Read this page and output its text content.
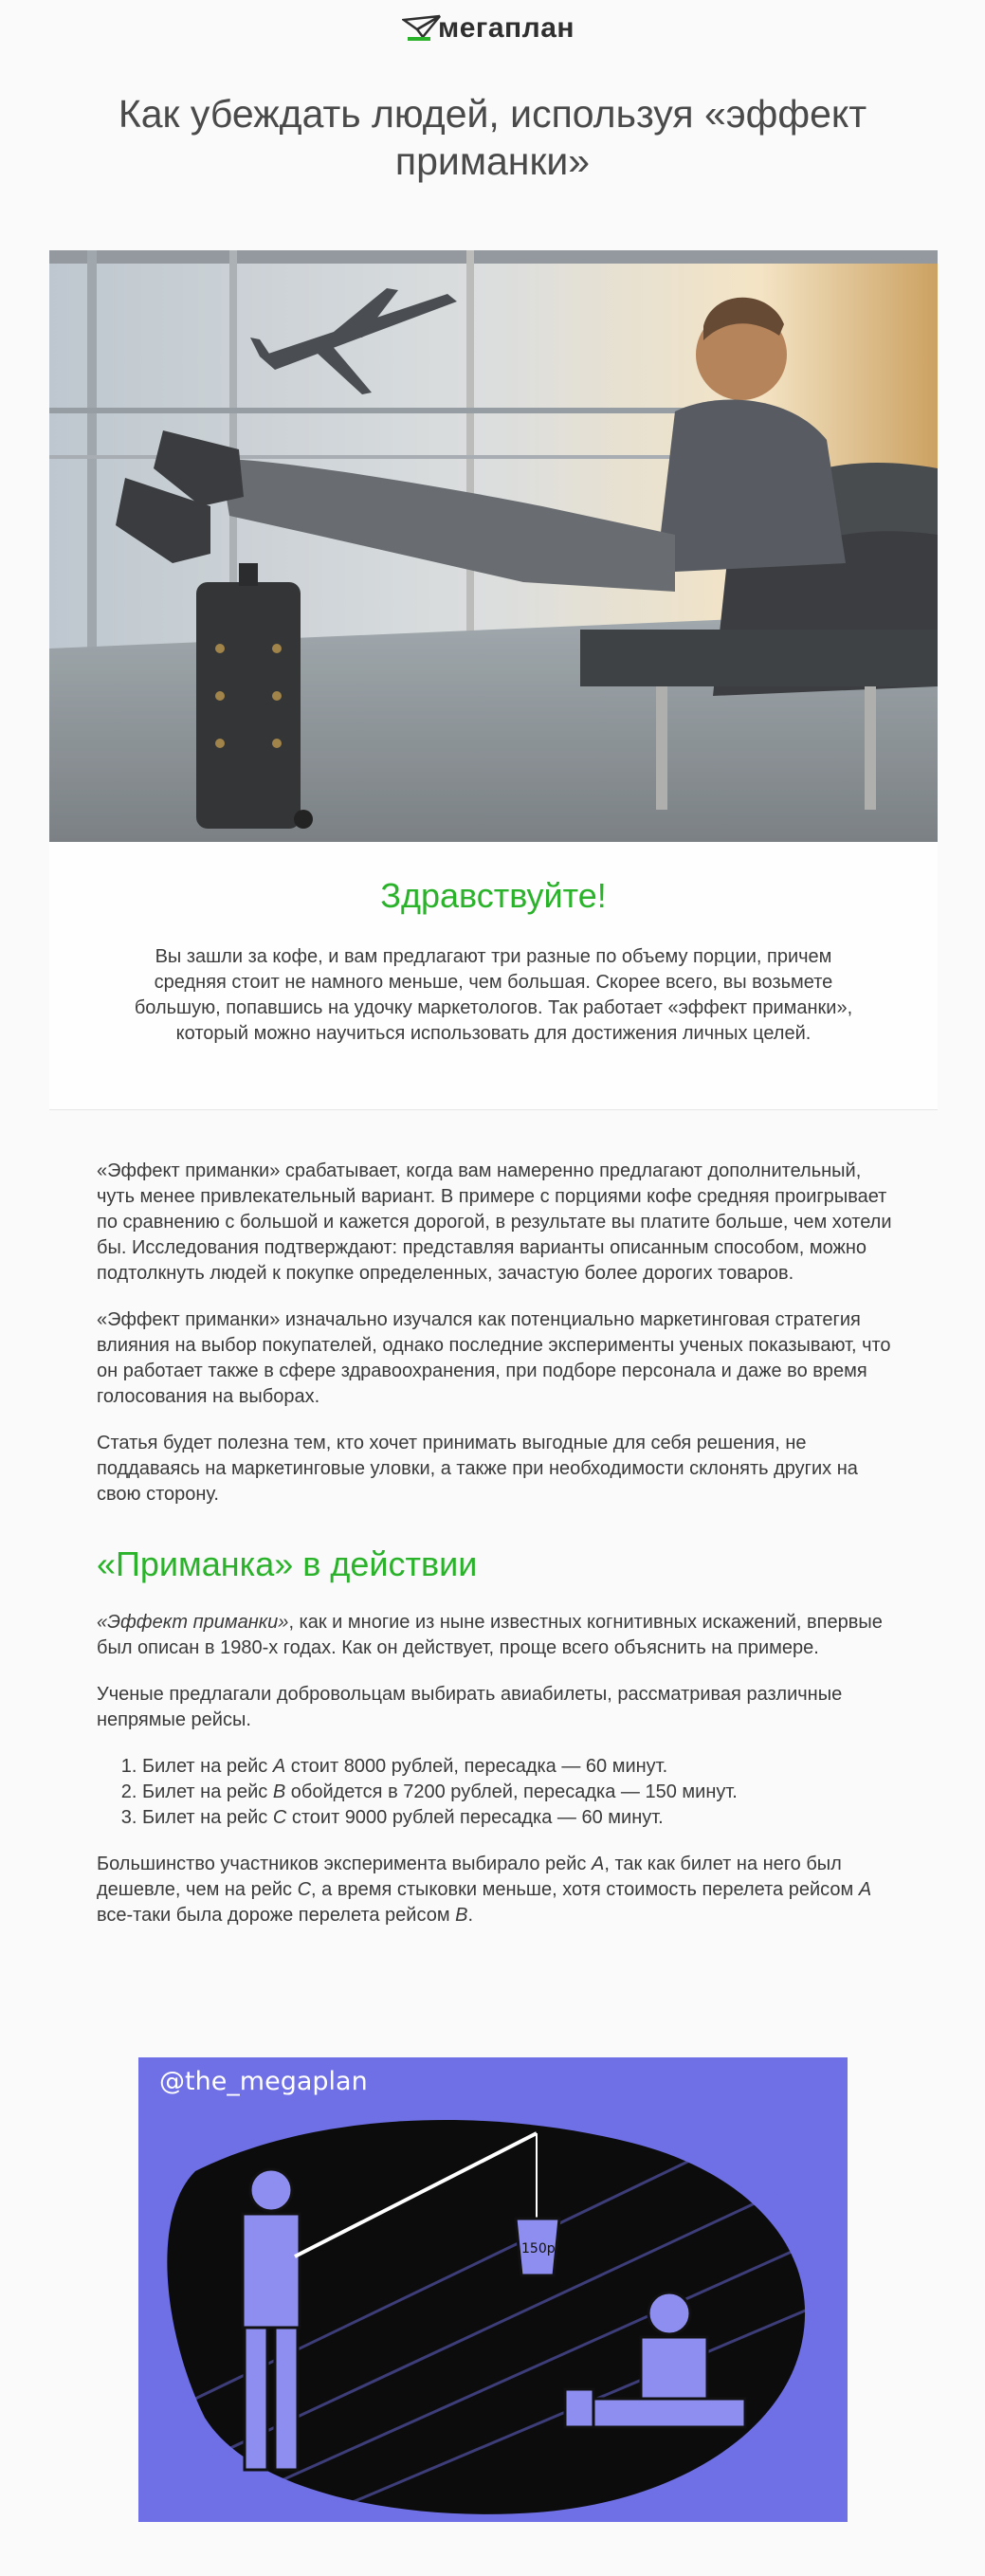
мегаплан
Как убеждать людей, используя «эффект приманки»
Здравствуйте!

Вы зашли за кофе, и вам предлагают три разные по объему порции, причем средняя стоит не намного меньше, чем большая. Скорее всего, вы возьмете большую, попавшись на удочку маркетологов. Так работает «эффект приманки», который можно научиться использовать для достижения личных целей.

«Эффект приманки» срабатывает, когда вам намеренно предлагают дополнительный, чуть менее привлекательный вариант. В примере с порциями кофе средняя проигрывает по сравнению с большой и кажется дорогой, в результате вы платите больше, чем хотели бы. Исследования подтверждают: представляя варианты описанным способом, можно подтолкнуть людей к покупке определенных, зачастую более дорогих товаров.

«Эффект приманки» изначально изучался как потенциально маркетинговая стратегия влияния на выбор покупателей, однако последние эксперименты ученых показывают, что он работает также в сфере здравоохранения, при подборе персонала и даже во время голосования на выборах.

Статья будет полезна тем, кто хочет принимать выгодные для себя решения, не поддаваясь на маркетинговые уловки, а также при необходимости склонять других на свою сторону.

«Приманка» в действии

«Эффект приманки», как и многие из ныне известных когнитивных искажений, впервые был описан в 1980-х годах. Как он действует, проще всего объяснить на примере.

Ученые предлагали добровольцам выбирать авиабилеты, рассматривая различные непрямые рейсы.

1. Билет на рейс A стоит 8000 рублей, пересадка — 60 минут.
2. Билет на рейс B обойдется в 7200 рублей, пересадка — 150 минут.
3. Билет на рейс C стоит 9000 рублей пересадка — 60 минут.

Большинство участников эксперимента выбирало рейс A, так как билет на него был дешевле, чем на рейс C, а время стыковки меньше, хотя стоимость перелета рейсом A все-таки была дороже перелета рейсом B.

150р
@the_megaplan
